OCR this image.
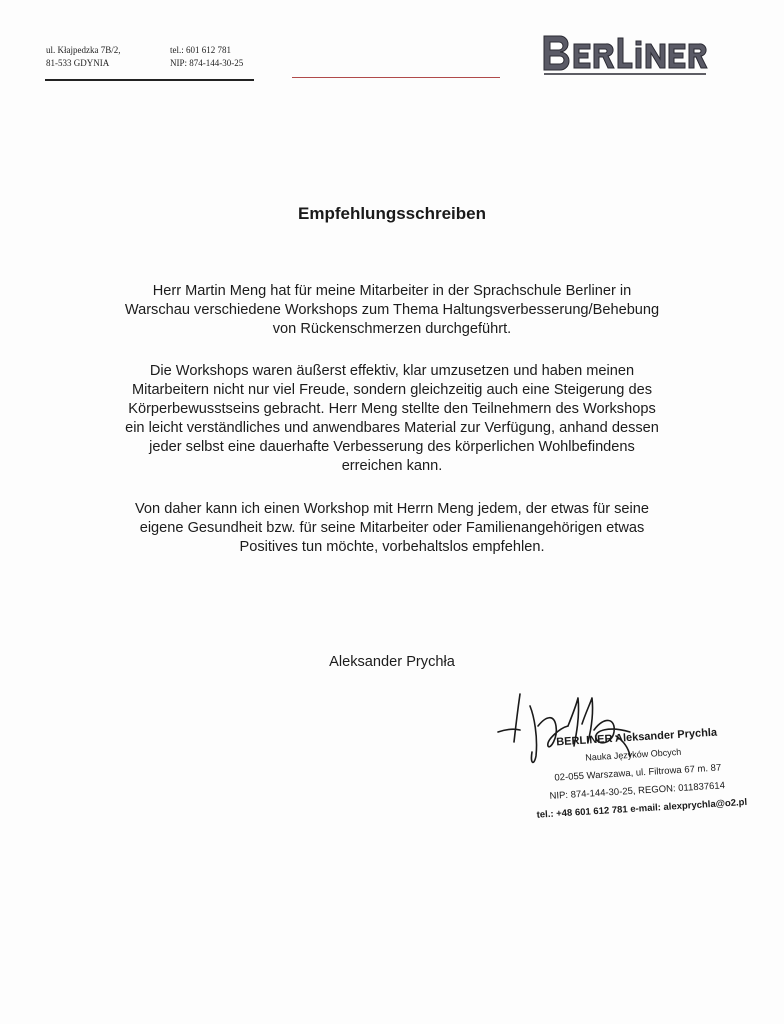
ul. Kłajpedzka 7B/2,
81-533 GDYNIA
tel.: 601 612 781
NIP: 874-144-30-25
BERLINER
Empfehlungsschreiben
Herr Martin Meng hat für meine Mitarbeiter in der Sprachschule Berliner in
Warschau verschiedene Workshops zum Thema Haltungsverbesserung/Behebung
von Rückenschmerzen durchgeführt.
Die Workshops waren äußerst effektiv, klar umzusetzen und haben meinen
Mitarbeitern nicht nur viel Freude, sondern gleichzeitig auch eine Steigerung des
Körperbewusstseins gebracht. Herr Meng stellte den Teilnehmern des Workshops
ein leicht verständliches und anwendbares Material zur Verfügung, anhand dessen
jeder selbst eine dauerhafte Verbesserung des körperlichen Wohlbefindens
erreichen kann.
Von daher kann ich einen Workshop mit Herrn Meng jedem, der etwas für seine
eigene Gesundheit bzw. für seine Mitarbeiter oder Familienangehörigen etwas
Positives tun möchte, vorbehaltslos empfehlen.
Aleksander Prychła
BERLINER Aleksander Prychla
Nauka Języków Obcych
02-055 Warszawa, ul. Filtrowa 67 m. 87
NIP: 874-144-30-25, REGON: 011837614
tel.: +48 601 612 781 e-mail: alexprychla@o2.pl
